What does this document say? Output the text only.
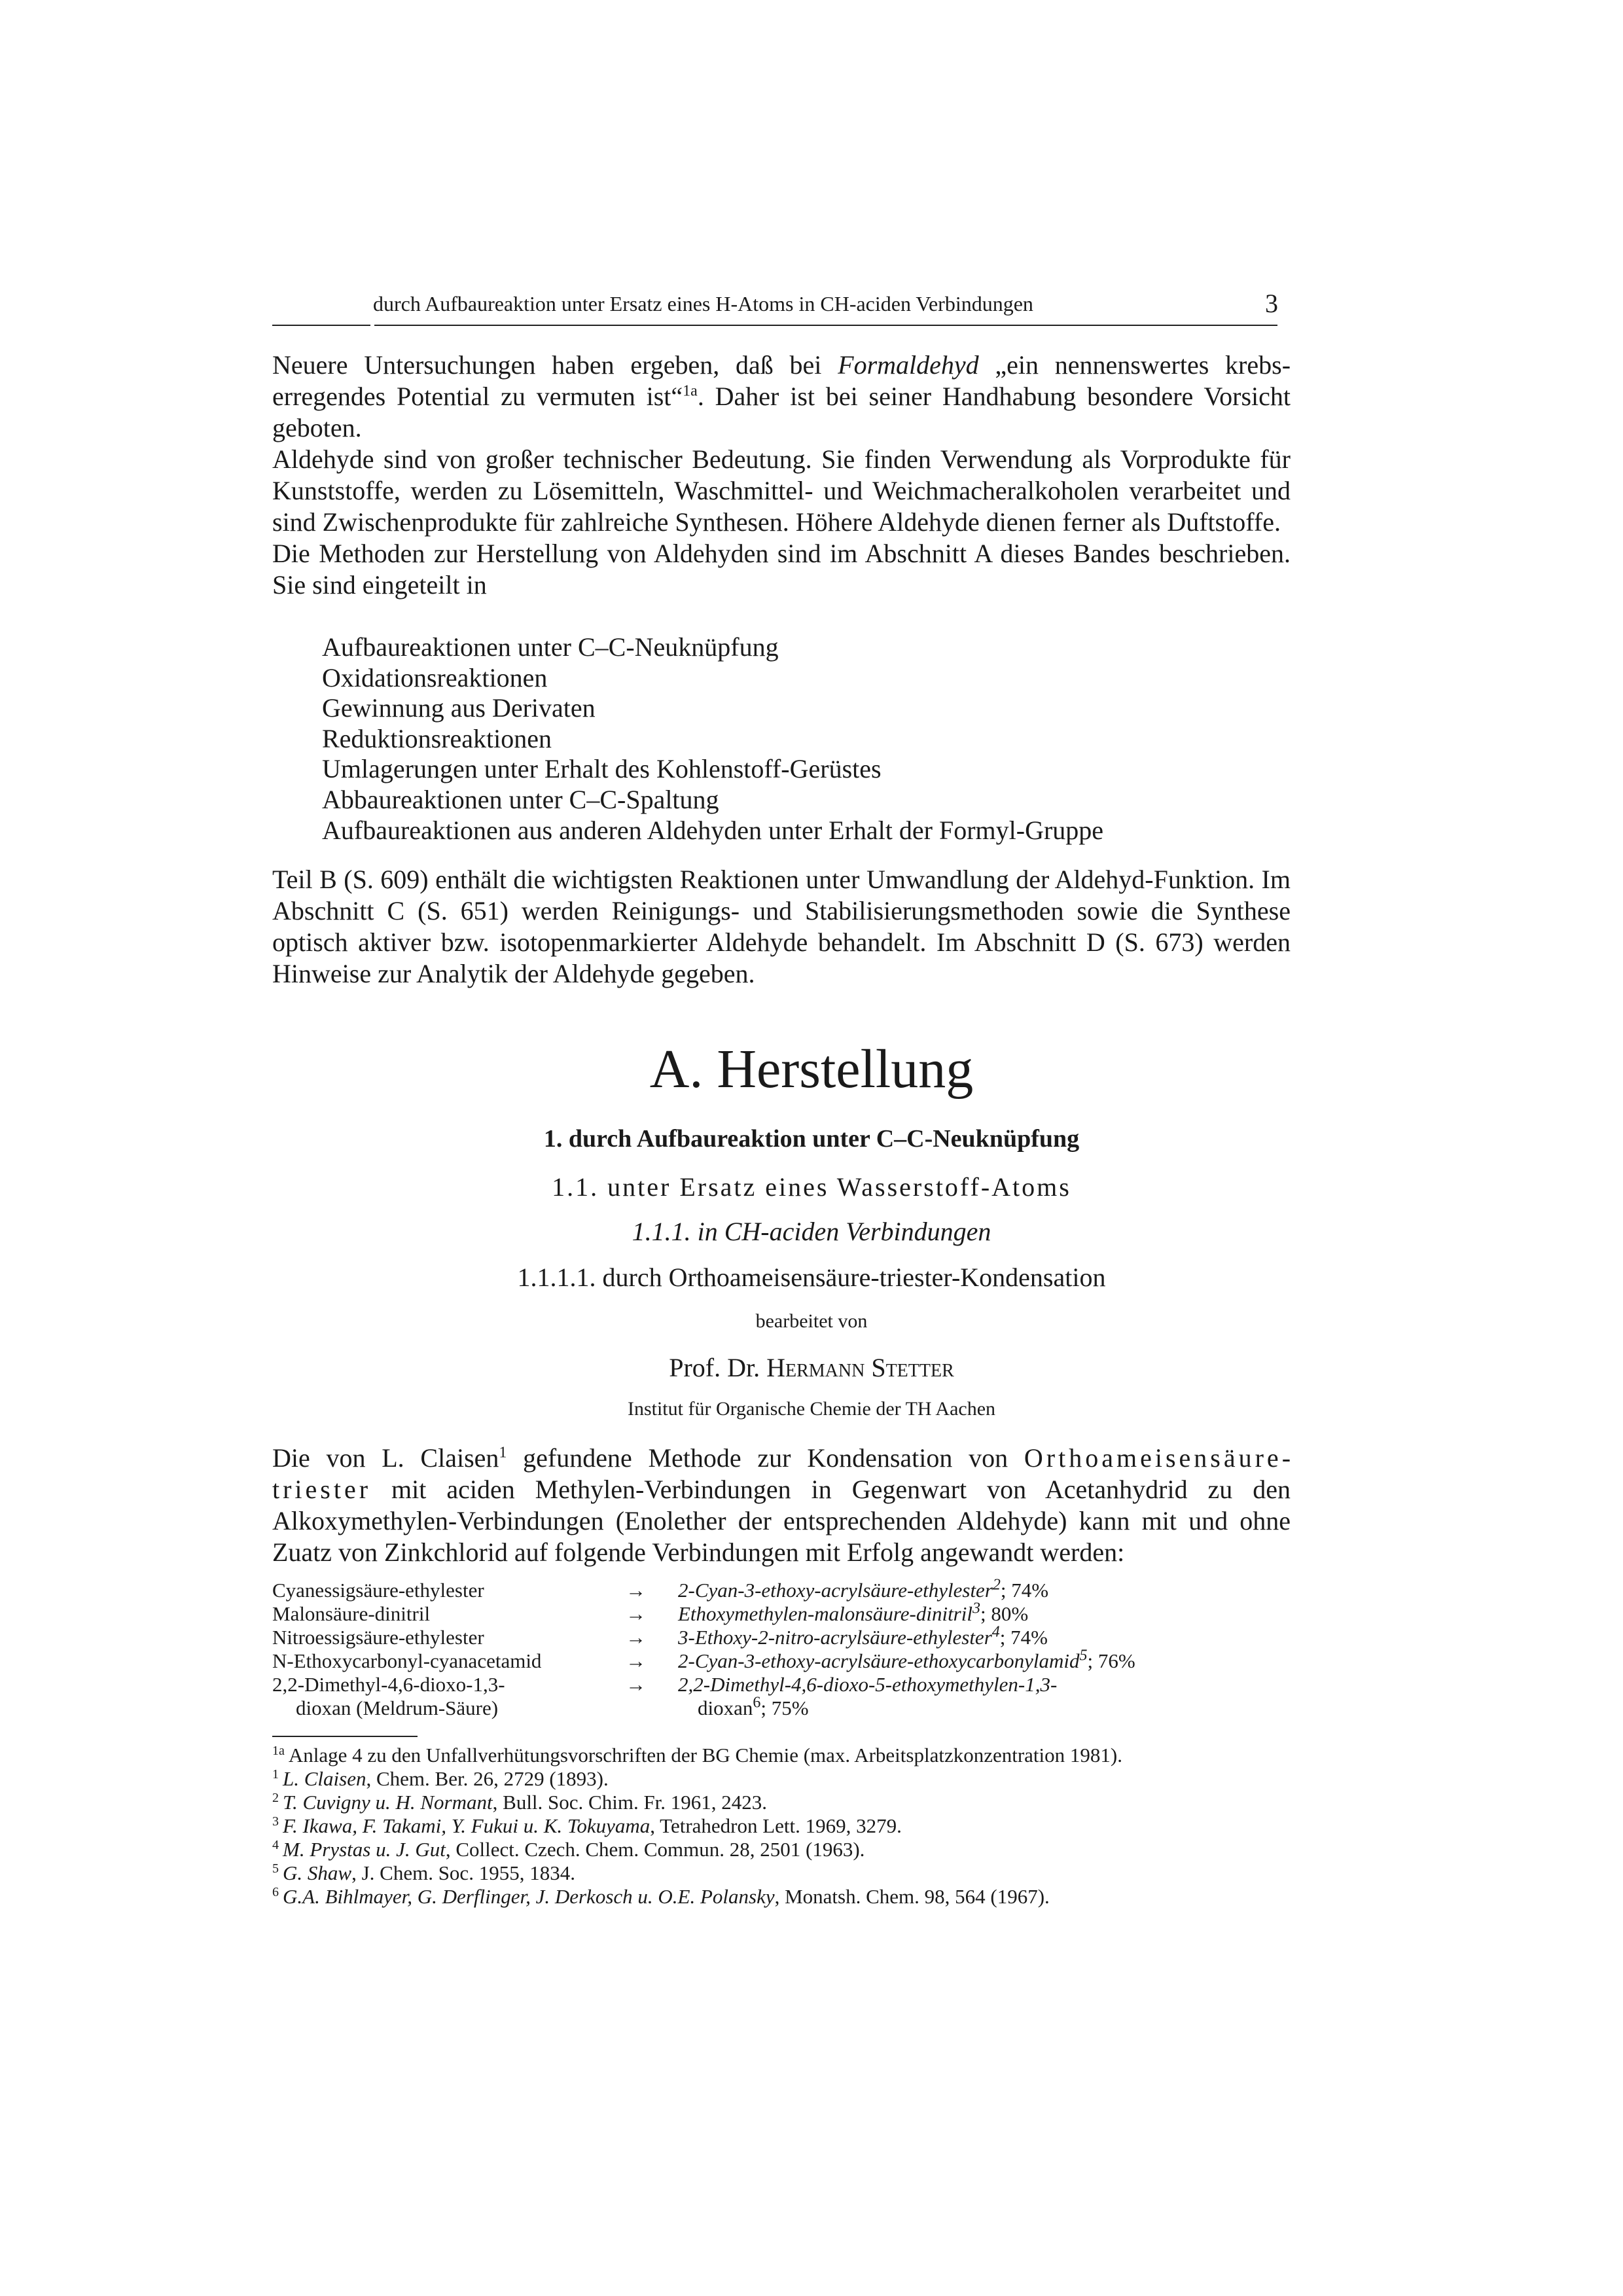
durch Aufbaureaktion unter Ersatz eines H-Atoms in CH-aciden Verbindungen	3

Neuere Untersuchungen haben ergeben, daß bei Formaldehyd „ein nennenswertes krebserregendes Potential zu vermuten ist“$^{1a}$. Daher ist bei seiner Handhabung besondere Vorsicht geboten.

Aldehyde sind von großer technischer Bedeutung. Sie finden Verwendung als Vorprodukte für Kunststoffe, werden zu Lösemitteln, Waschmittel- und Weichmacheralkoholen verarbeitet und sind Zwischenprodukte für zahlreiche Synthesen. Höhere Aldehyde dienen ferner als Duftstoffe.

Die Methoden zur Herstellung von Aldehyden sind im Abschnitt A dieses Bandes beschrieben. Sie sind eingeteilt in

Aufbaureaktionen unter C–C-Neuknüpfung
Oxidationsreaktionen
Gewinnung aus Derivaten
Reduktionsreaktionen
Umlagerungen unter Erhalt des Kohlenstoff-Gerüstes
Abbaureaktionen unter C–C-Spaltung
Aufbaureaktionen aus anderen Aldehyden unter Erhalt der Formyl-Gruppe

Teil B (S. 609) enthält die wichtigsten Reaktionen unter Umwandlung der Aldehyd-Funktion. Im Abschnitt C (S. 651) werden Reinigungs- und Stabilisierungsmethoden sowie die Synthese optisch aktiver bzw. isotopenmarkierter Aldehyde behandelt. Im Abschnitt D (S. 673) werden Hinweise zur Analytik der Aldehyde gegeben.

A. Herstellung
1. durch Aufbaureaktion unter C–C-Neuknüpfung
1.1. unter Ersatz eines Wasserstoff-Atoms
1.1.1. in CH-aciden Verbindungen
1.1.1.1. durch Orthoameisensäure-triester-Kondensation
bearbeitet von
Prof. Dr. Hermann Stetter
Institut für Organische Chemie der TH Aachen

Die von L. Claisen$^1$ gefundene Methode zur Kondensation von Orthoameisensäuretriester mit aciden Methylen-Verbindungen in Gegenwart von Acetanhydrid zu den Alkoxymethylen-Verbindungen (Enolether der entsprechenden Aldehyde) kann mit und ohne Zuatz von Zinkchlorid auf folgende Verbindungen mit Erfolg angewandt werden:

Cyanessigsäure-ethylester	→ 2-Cyan-3-ethoxy-acrylsäure-ethylester$^2$; 74%
Malonsäure-dinitril	→ Ethoxymethylen-malonsäure-dinitril$^3$; 80%
Nitroessigsäure-ethylester	→ 3-Ethoxy-2-nitro-acrylsäure-ethylester$^4$; 74%
N-Ethoxycarbonyl-cyanacetamid	→ 2-Cyan-3-ethoxy-acrylsäure-ethoxycarbonylamid$^5$; 76%
2,2-Dimethyl-4,6-dioxo-1,3-	→ 2,2-Dimethyl-4,6-dioxo-5-ethoxymethylen-1,3-
dioxan (Meldrum-Säure)	dioxan$^6$; 75%
$^{1a}$ Anlage 4 zu den Unfallverhütungsvorschriften der BG Chemie (max. Arbeitsplatzkonzentration 1981).
$^1$ L. Claisen, Chem. Ber. 26, 2729 (1893).
$^2$ T. Cuvigny u. H. Normant, Bull. Soc. Chim. Fr. 1961, 2423.
$^3$ F. Ikawa, F. Takami, Y. Fukui u. K. Tokuyama, Tetrahedron Lett. 1969, 3279.
$^4$ M. Prystas u. J. Gut, Collect. Czech. Chem. Commun. 28, 2501 (1963).
$^5$ G. Shaw, J. Chem. Soc. 1955, 1834.
$^6$ G.A. Bihlmayer, G. Derflinger, J. Derkosch u. O.E. Polansky, Monatsh. Chem. 98, 564 (1967).
